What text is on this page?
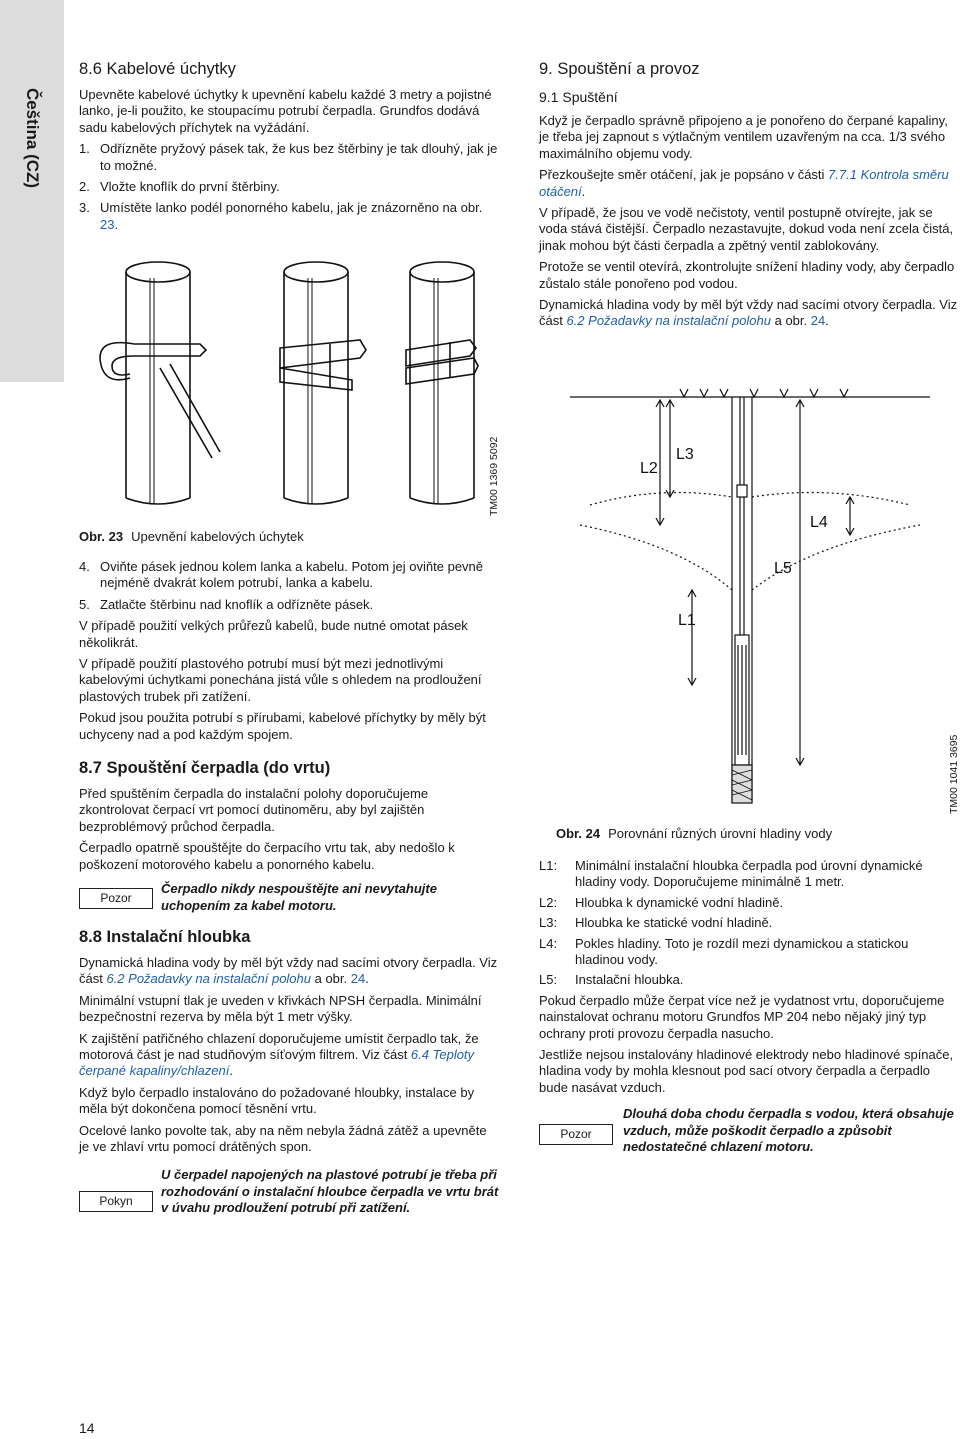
Čeština (CZ)
8.6 Kabelové úchytky

Upevněte kabelové úchytky k upevnění kabelu každé 3 metry a pojistné lanko, je-li použito, ke stoupacímu potrubí čerpadla. Grundfos dodává sadu kabelových příchytek na vyžádání.

1. Odřízněte pryžový pásek tak, že kus bez štěrbiny je tak dlouhý, jak je to možné.
2. Vložte knoflík do první štěrbiny.
3. Umístěte lanko podél ponorného kabelu, jak je znázorněno na obr. 23.
TM00 1369 5092
Obr. 23 Upevnění kabelových úchytek
4. Oviňte pásek jednou kolem lanka a kabelu. Potom jej oviňte pevně nejméně dvakrát kolem potrubí, lanka a kabelu.
5. Zatlačte štěrbinu nad knoflík a odřízněte pásek.

V případě použití velkých průřezů kabelů, bude nutné omotat pásek několikrát.

V případě použití plastového potrubí musí být mezi jednotlivými kabelovými úchytkami ponechána jistá vůle s ohledem na prodloužení plastových trubek při zatížení.

Pokud jsou použita potrubí s přírubami, kabelové příchytky by měly být uchyceny nad a pod každým spojem.

8.7 Spouštění čerpadla (do vrtu)

Před spuštěním čerpadla do instalační polohy doporučujeme zkontrolovat čerpací vrt pomocí dutinoměru, aby byl zajištěn bezproblémový průchod čerpadla.

Čerpadlo opatrně spouštějte do čerpacího vrtu tak, aby nedošlo k poškození motorového kabelu a ponorného kabelu.

Pozor
Čerpadlo nikdy nespouštějte ani nevytahujte uchopením za kabel motoru.
8.8 Instalační hloubka

Dynamická hladina vody by měl být vždy nad sacími otvory čerpadla. Viz část 6.2 Požadavky na instalační polohu a obr. 24.

Minimální vstupní tlak je uveden v křivkách NPSH čerpadla. Minimální bezpečnostní rezerva by měla být 1 metr výšky.

K zajištění patřičného chlazení doporučujeme umístit čerpadlo tak, že motorová část je nad studňovým síťovým filtrem. Viz část 6.4 Teploty čerpané kapaliny/chlazení.

Když bylo čerpadlo instalováno do požadované hloubky, instalace by měla být dokončena pomocí těsnění vrtu.

Ocelové lanko povolte tak, aby na něm nebyla žádná zátěž a upevněte je ve zhlaví vrtu pomocí drátěných spon.

Pokyn
U čerpadel napojených na plastové potrubí je třeba při rozhodování o instalační hloubce čerpadla ve vrtu brát v úvahu prodloužení potrubí při zatížení.
9. Spouštění a provoz
9.1 Spuštění

Když je čerpadlo správně připojeno a je ponořeno do čerpané kapaliny, je třeba jej zapnout s výtlačným ventilem uzavřeným na cca. 1/3 svého maximálního objemu vody.

Přezkoušejte směr otáčení, jak je popsáno v části 7.7.1 Kontrola směru otáčení.

V případě, že jsou ve vodě nečistoty, ventil postupně otvírejte, jak se voda stává čistější. Čerpadlo nezastavujte, dokud voda není zcela čistá, jinak mohou být části čerpadla a zpětný ventil zablokovány.

Protože se ventil otevírá, zkontrolujte snížení hladiny vody, aby čerpadlo zůstalo stále ponořeno pod vodou.

Dynamická hladina vody by měl být vždy nad sacími otvory čerpadla. Viz část 6.2 Požadavky na instalační polohu a obr. 24.

L2
L3
L4
L5
L1
TM00 1041 3695
Obr. 24 Porovnání různých úrovní hladiny vody
L1: Minimální instalační hloubka čerpadla pod úrovní dynamické hladiny vody. Doporučujeme minimálně 1 metr.
L2: Hloubka k dynamické vodní hladině.
L3: Hloubka ke statické vodní hladině.
L4: Pokles hladiny. Toto je rozdíl mezi dynamickou a statickou hladinou vody.
L5: Instalační hloubka.

Pokud čerpadlo může čerpat více než je vydatnost vrtu, doporučujeme nainstalovat ochranu motoru Grundfos MP 204 nebo nějaký jiný typ ochrany proti provozu čerpadla nasucho.

Jestliže nejsou instalovány hladinové elektrody nebo hladinové spínače, hladina vody by mohla klesnout pod sací otvory čerpadla a čerpadlo bude nasávat vzduch.

Pozor
Dlouhá doba chodu čerpadla s vodou, která obsahuje vzduch, může poškodit čerpadlo a způsobit nedostatečné chlazení motoru.
14
